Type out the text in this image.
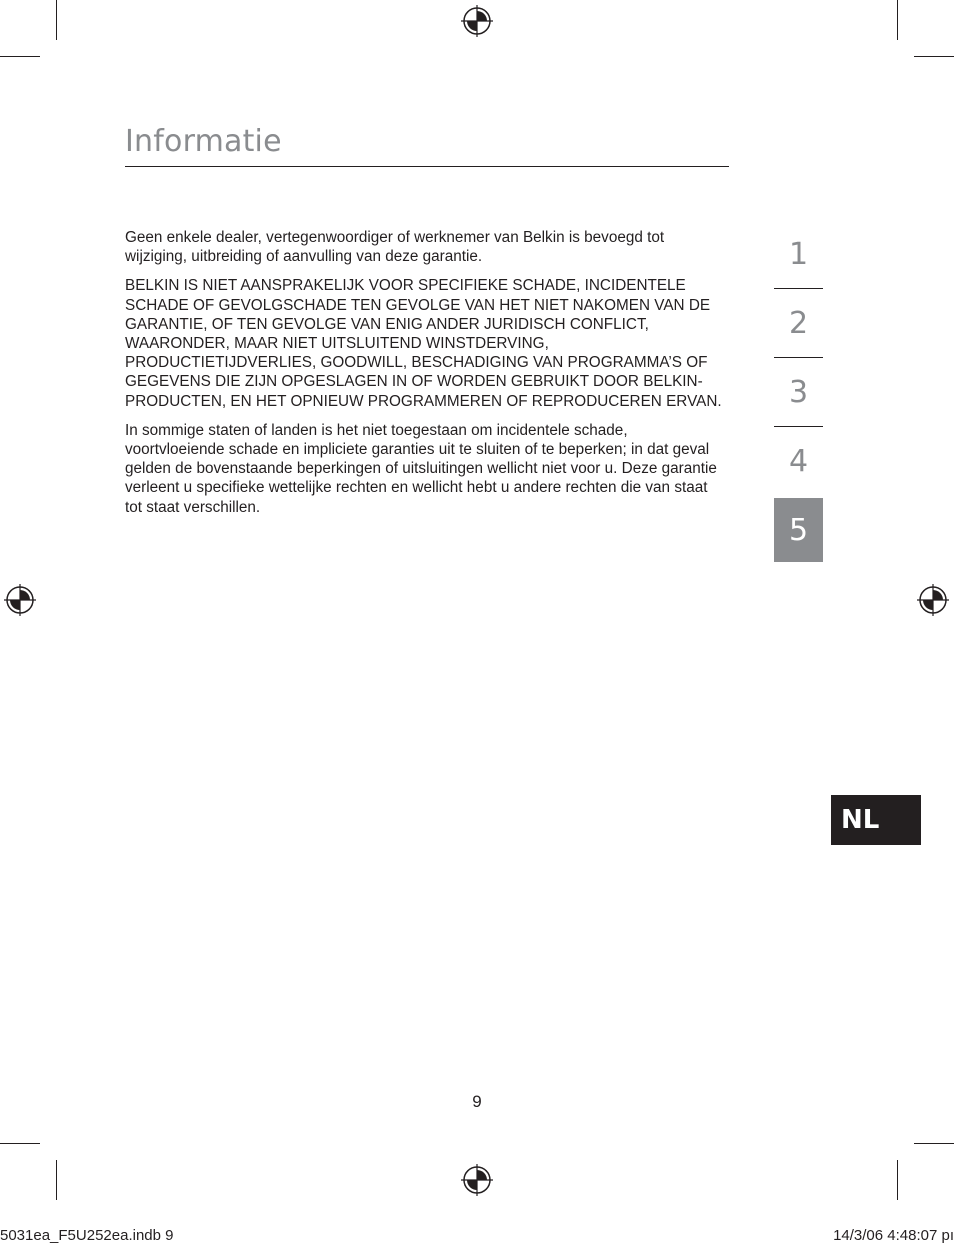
Informatie

Geen enkele dealer, vertegenwoordiger of werknemer van Belkin is bevoegd tot wijziging, uitbreiding of aanvulling van deze garantie.

BELKIN IS NIET AANSPRAKELIJK VOOR SPECIFIEKE SCHADE, INCIDENTELE SCHADE OF GEVOLGSCHADE TEN GEVOLGE VAN HET NIET NAKOMEN VAN DE GARANTIE, OF TEN GEVOLGE VAN ENIG ANDER JURIDISCH CONFLICT, WAARONDER, MAAR NIET UITSLUITEND WINSTDERVING, PRODUCTIETIJDVERLIES, GOODWILL, BESCHADIGING VAN PROGRAMMA’S OF GEGEVENS DIE ZIJN OPGESLAGEN IN OF WORDEN GEBRUIKT DOOR BELKIN-PRODUCTEN, EN HET OPNIEUW PROGRAMMEREN OF REPRODUCEREN ERVAN.

In sommige staten of landen is het niet toegestaan om incidentele schade, voortvloeiende schade en impliciete garanties uit te sluiten of te beperken; in dat geval gelden de bovenstaande beperkingen of uitsluitingen wellicht niet voor u. Deze garantie verleent u specifieke wettelijke rechten en wellicht hebt u andere rechten die van staat tot staat verschillen.

1
2
3
4
5
NL
9
5031ea_F5U252ea.indb 9	14/3/06 4:48:07 pı
